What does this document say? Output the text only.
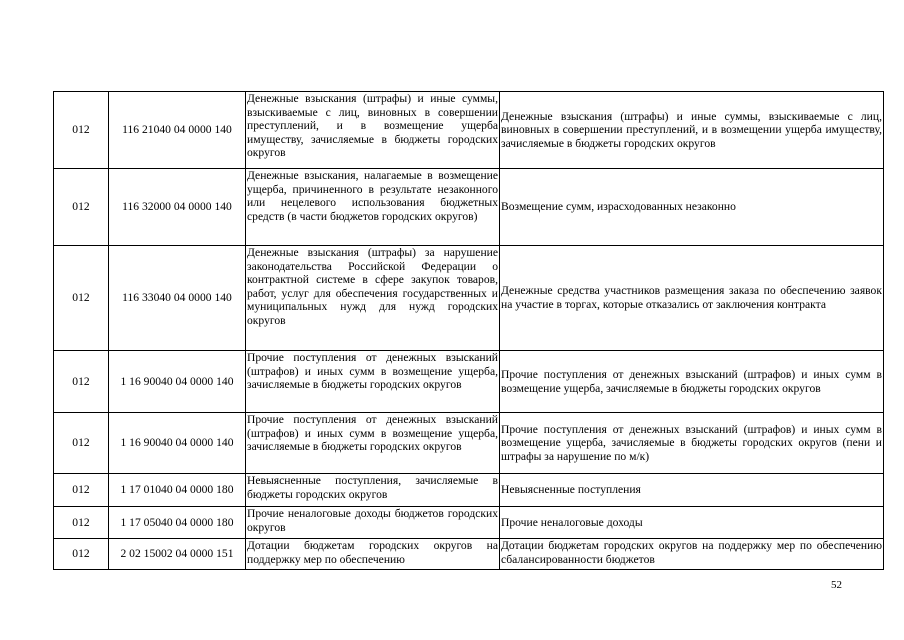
012	116 21040 04 0000 140	Денежные взыскания (штрафы) и иные суммы, взыскиваемые с лиц, виновных в совершении преступлений, и в возмещение ущерба имуществу, зачисляемые в бюджеты городских округов	Денежные взыскания (штрафы) и иные суммы, взыскиваемые с лиц, виновных в совершении преступлений, и в возмещении ущерба имуществу, зачисляемые в бюджеты городских округов
012	116 32000 04 0000 140	Денежные взыскания, налагаемые в возмещение ущерба, причиненного в результате незаконного или нецелевого использования бюджетных средств (в части бюджетов городских округов)	Возмещение сумм, израсходованных незаконно
012	116 33040 04 0000 140	Денежные взыскания (штрафы) за нарушение законодательства Российской Федерации о контрактной системе в сфере закупок товаров, работ, услуг для обеспечения государственных и муниципальных нужд для нужд городских округов	Денежные средства участников размещения заказа по обеспечению заявок на участие в торгах, которые отказались от заключения контракта
012	1 16 90040 04 0000 140	Прочие поступления от денежных взысканий (штрафов) и иных сумм в возмещение ущерба, зачисляемые в бюджеты городских округов	Прочие поступления от денежных взысканий (штрафов) и иных сумм в возмещение ущерба, зачисляемые в бюджеты городских округов
012	1 16 90040 04 0000 140	Прочие поступления от денежных взысканий (штрафов) и иных сумм в возмещение ущерба, зачисляемые в бюджеты городских округов	Прочие поступления от денежных взысканий (штрафов) и иных сумм в возмещение ущерба, зачисляемые в бюджеты городских округов (пени и штрафы за нарушение по м/к)
012	1 17 01040 04 0000 180	Невыясненные поступления, зачисляемые в бюджеты городских округов	Невыясненные поступления
012	1 17 05040 04 0000 180	Прочие неналоговые доходы бюджетов городских округов	Прочие неналоговые доходы
012	2 02 15002 04 0000 151	Дотации бюджетам городских округов на поддержку мер по обеспечению	Дотации бюджетам городских округов на поддержку мер по обеспечению сбалансированности бюджетов
52
